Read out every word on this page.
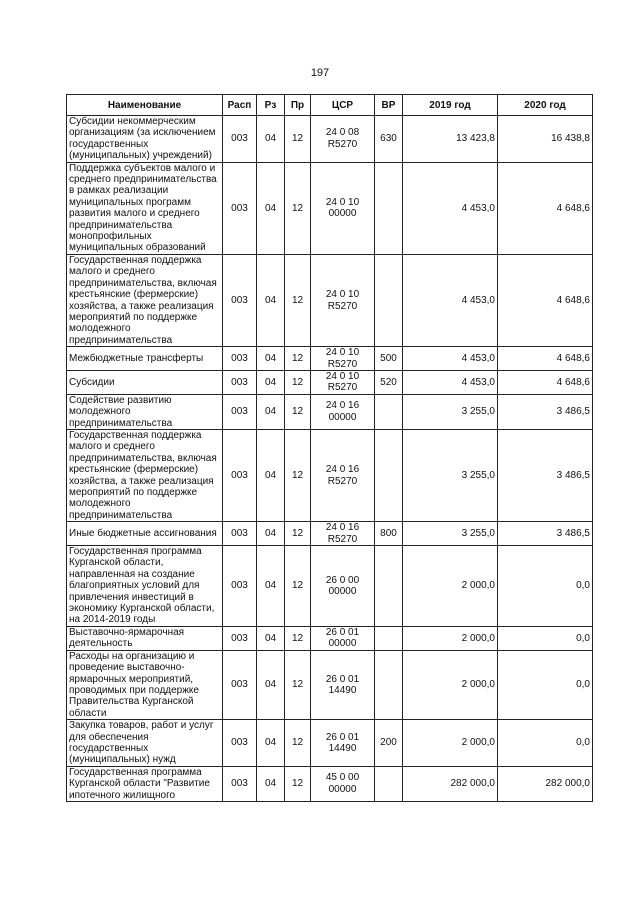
197
Наименование	Расп	Рз	Пр	ЦСР	ВР	2019 год	2020 год
Субсидии некоммерческим организациям (за исключением государственных (муниципальных) учреждений)	003	04	12	24 0 08 R5270	630	13 423,8	16 438,8
Поддержка субъектов малого и среднего предпринимательства в рамках реализации муниципальных программ развития малого и среднего предпринимательства монопрофильных муниципальных образований	003	04	12	24 0 10 00000		4 453,0	4 648,6
Государственная поддержка малого и среднего предпринимательства, включая крестьянские (фермерские) хозяйства, а также реализация мероприятий по поддержке молодежного предпринимательства	003	04	12	24 0 10 R5270		4 453,0	4 648,6
Межбюджетные трансферты	003	04	12	24 0 10 R5270	500	4 453,0	4 648,6
Субсидии	003	04	12	24 0 10 R5270	520	4 453,0	4 648,6
Содействие развитию молодежного предпринимательства	003	04	12	24 0 16 00000		3 255,0	3 486,5
Государственная поддержка малого и среднего предпринимательства, включая крестьянские (фермерские) хозяйства, а также реализация мероприятий по поддержке молодежного предпринимательства	003	04	12	24 0 16 R5270		3 255,0	3 486,5
Иные бюджетные ассигнования	003	04	12	24 0 16 R5270	800	3 255,0	3 486,5
Государственная программа Курганской области, направленная на создание благоприятных условий для привлечения инвестиций в экономику Курганской области, на 2014-2019 годы	003	04	12	26 0 00 00000		2 000,0	0,0
Выставочно-ярмарочная деятельность	003	04	12	26 0 01 00000		2 000,0	0,0
Расходы на организацию и проведение выставочно-ярмарочных мероприятий, проводимых при поддержке Правительства Курганской области	003	04	12	26 0 01 14490		2 000,0	0,0
Закупка товаров, работ и услуг для обеспечения государственных (муниципальных) нужд	003	04	12	26 0 01 14490	200	2 000,0	0,0
Государственная программа Курганской области "Развитие ипотечного жилищного	003	04	12	45 0 00 00000		282 000,0	282 000,0
